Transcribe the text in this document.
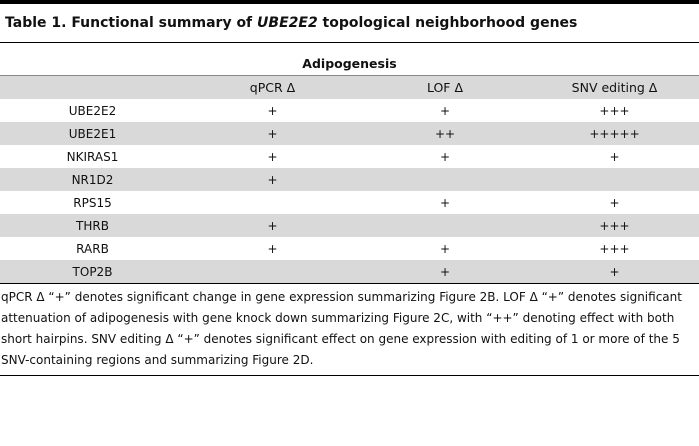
Table 1. Functional summary of UBE2E2 topological neighborhood genes
Adipogenesis
	qPCR Δ	LOF Δ	SNV editing Δ
UBE2E2	+	+	+++
UBE2E1	+	++	+++++
NKIRAS1	+	+	+
NR1D2	+		
RPS15		+	+
THRB	+		+++
RARB	+	+	+++
TOP2B		+	+
qPCR Δ “+” denotes significant change in gene expression summarizing Figure 2B. LOF Δ “+” denotes significant attenuation of adipogenesis with gene knock down summarizing Figure 2C, with “++” denoting effect with both short hairpins. SNV editing Δ “+” denotes significant effect on gene expression with editing of 1 or more of the 5 SNV-containing regions and summarizing Figure 2D.
